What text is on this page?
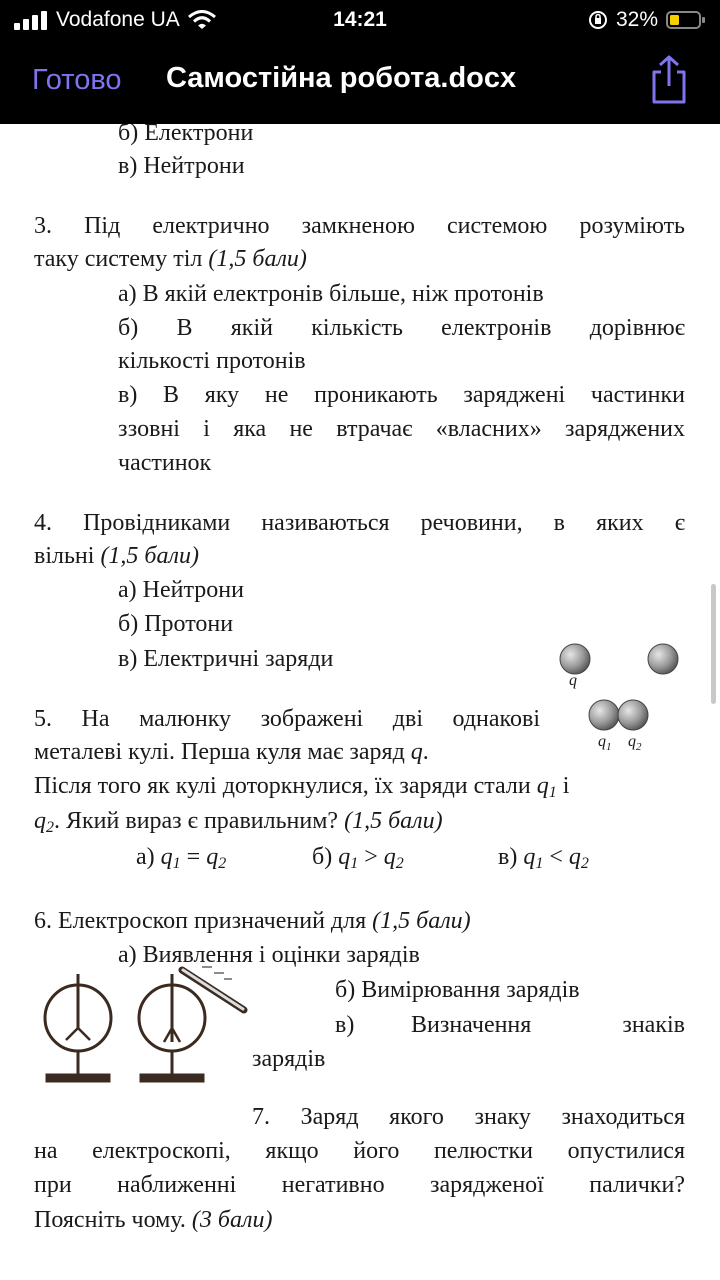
Vodafone UA	14:21	32%
Готово Самостійна робота.docx
б) Електрони
в) Нейтрони
3. Під електрично замкненою системою розуміють
таку систему тіл (1,5 бали)
а) В якій електронів більше, ніж протонів
б) В якій кількість електронів дорівнює
кількості протонів
в) В яку не проникають заряджені частинки
ззовні і яка не втрачає «власних» заряджених
частинок
4. Провідниками називаються речовини, в яких є
вільні (1,5 бали)
а) Нейтрони
б) Протони
в) Електричні заряди
q
$q_1$ $q_2$
5. На малюнку зображені дві однакові
металеві кулі. Перша куля має заряд q.
Після того як кулі доторкнулися, їх заряди стали $q_1$ і
$q_2$. Який вираз є правильним? (1,5 бали)
а) $q_1 = q_2$	б) $q_1 > q_2$	в) $q_1 < q_2$
6. Електроскоп призначений для (1,5 бали)
а) Виявлення і оцінки зарядів
б) Вимірювання зарядів
в) Визначення	знаків
зарядів
7. Заряд якого знаку знаходиться
на електроскопі, якщо його пелюстки опустилися
при наближенні негативно зарядженої палички?
Поясніть чому. (3 бали)
